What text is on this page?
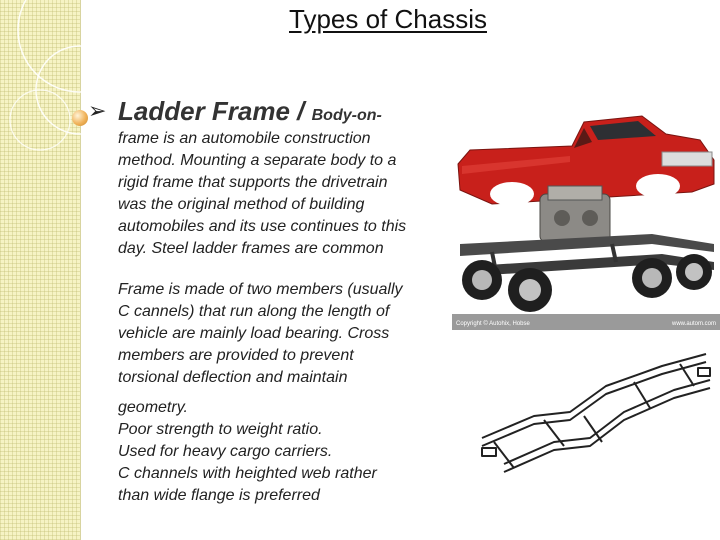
Types of Chassis
➢ Ladder Frame / Body-on-
frame is an automobile construction
method. Mounting a separate body to a
rigid frame that supports the drivetrain
was the original method of building
automobiles and its use continues to this
day. Steel ladder frames are common
Frame is made of two members (usually
C cannels) that run along the length of
vehicle are mainly load bearing. Cross
members are provided to prevent
torsional deflection and maintain
geometry.
Poor strength to weight ratio.
Used for heavy cargo carriers.
C channels with heighted web rather
than wide flange is preferred
Copyright © Autohix, Hobse	www.autom.com
